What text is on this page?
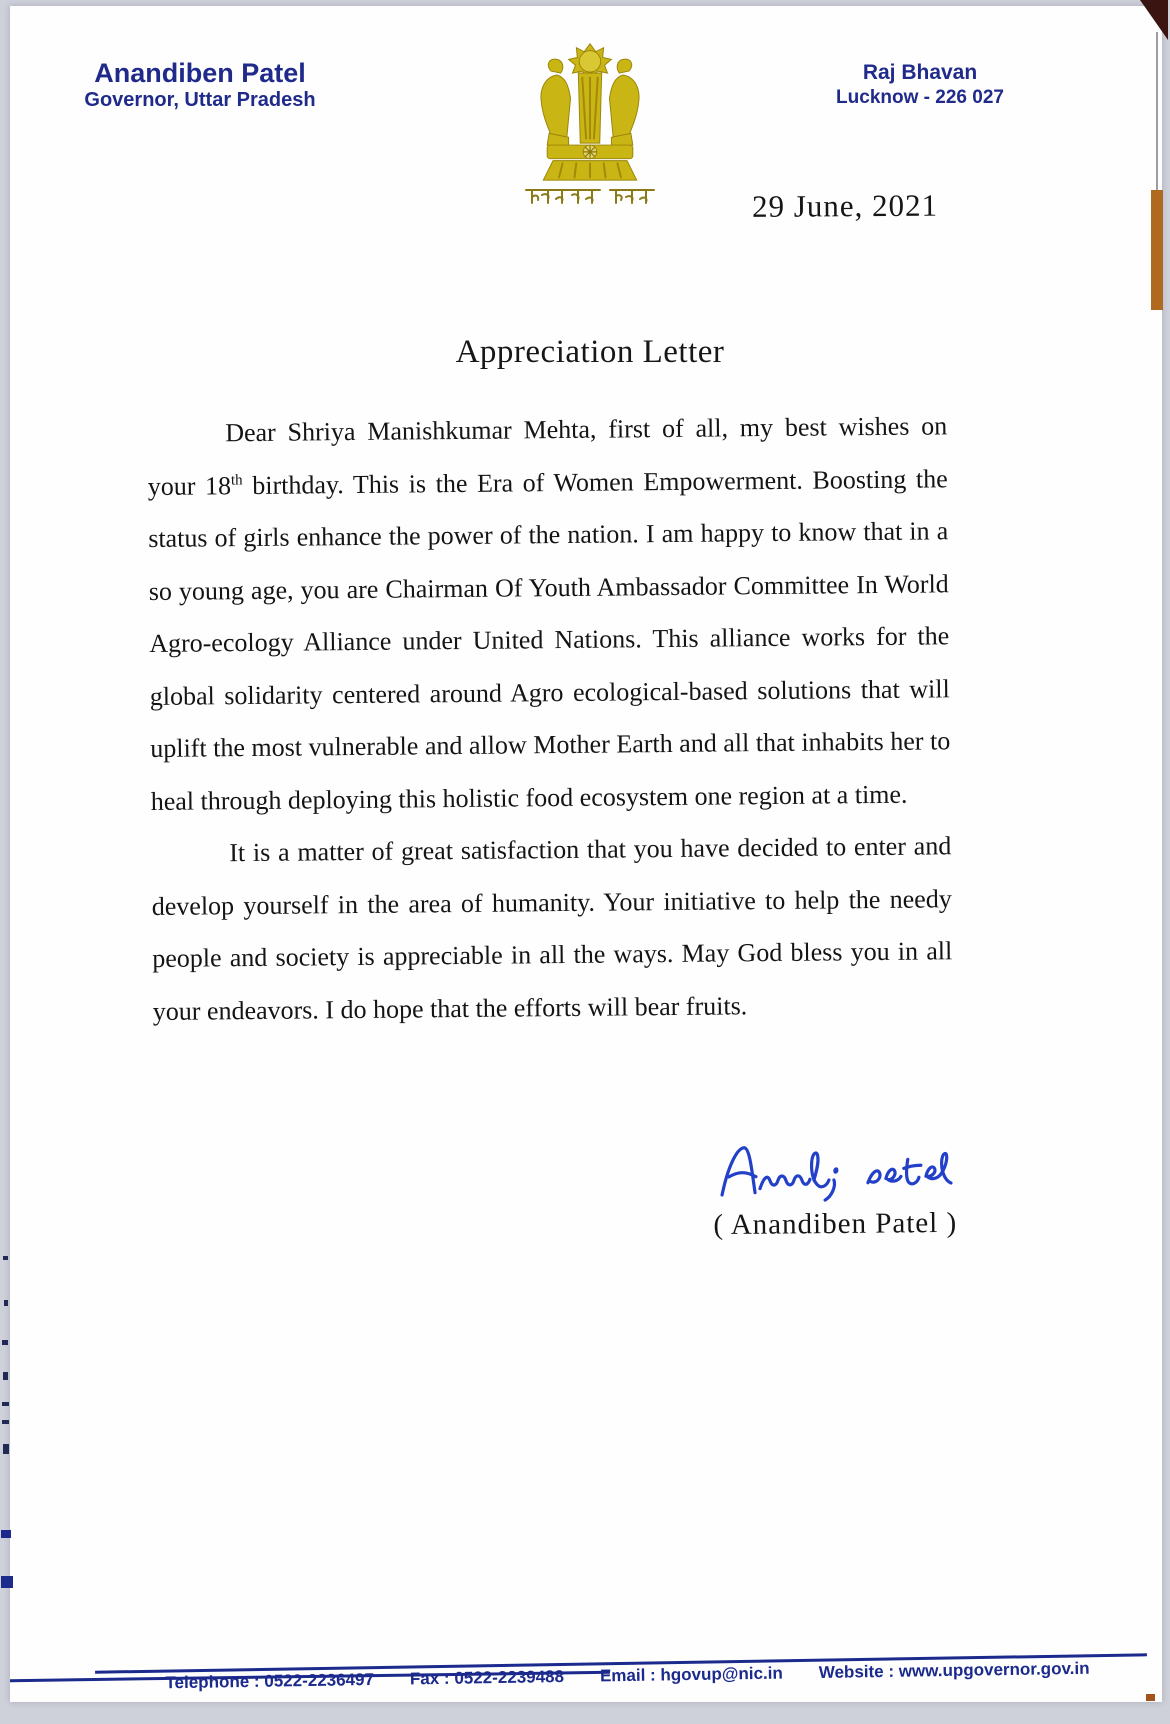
Anandiben Patel
Governor, Uttar Pradesh
Raj Bhavan
Lucknow - 226 027
29 June, 2021
Appreciation Letter

Dear Shriya Manishkumar Mehta, first of all, my best wishes on your 18th birthday. This is the Era of Women Empowerment. Boosting the status of girls enhance the power of the nation. I am happy to know that in a so young age, you are Chairman Of Youth Ambassador Committee In World Agro-ecology Alliance under United Nations. This alliance works for the global solidarity centered around Agro ecological-based solutions that will uplift the most vulnerable and allow Mother Earth and all that inhabits her to heal through deploying this holistic food ecosystem one region at a time.

It is a matter of great satisfaction that you have decided to enter and develop yourself in the area of humanity. Your initiative to help the needy people and society is appreciable in all the ways. May God bless you in all your endeavors. I do hope that the efforts will bear fruits.

( Anandiben Patel )
Telephone : 0522-2236497 Fax : 0522-2239488 Email : hgovup@nic.in Website : www.upgovernor.gov.in
